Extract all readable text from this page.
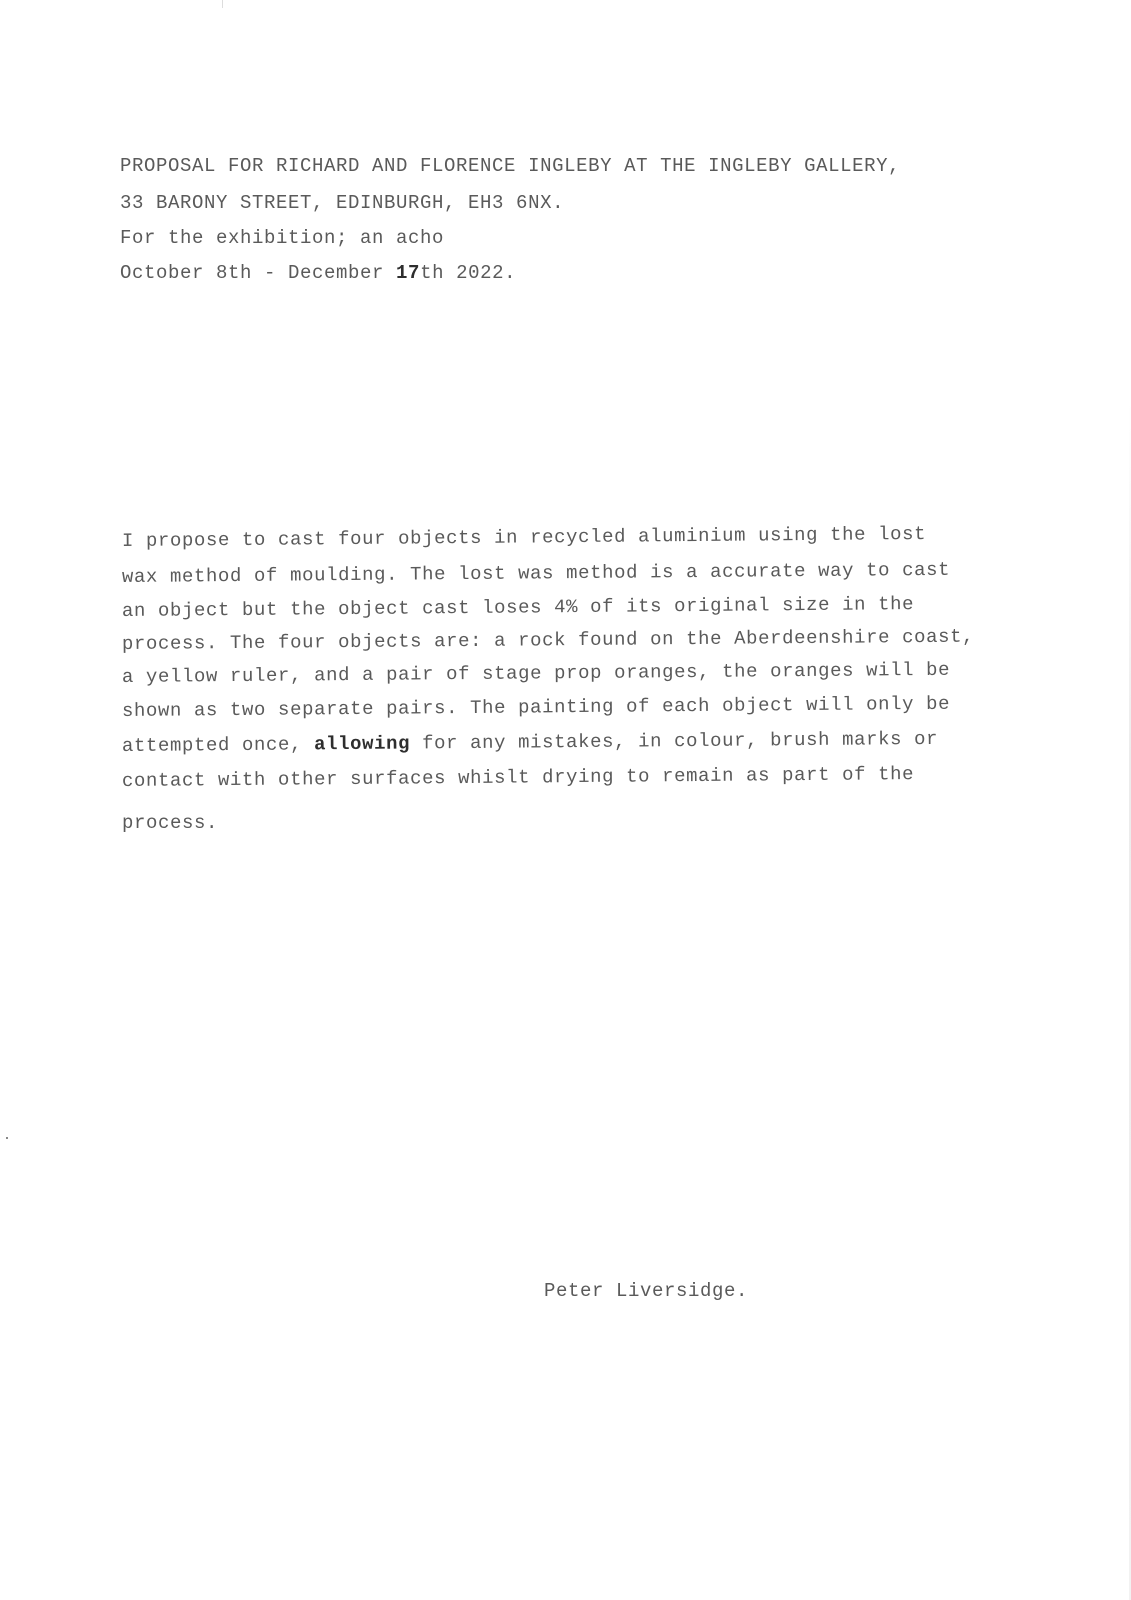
PROPOSAL FOR RICHARD AND FLORENCE INGLEBY AT THE INGLEBY GALLERY,
33 BARONY STREET, EDINBURGH, EH3 6NX.
For the exhibition; an acho
October 8th - December 17th 2022.
I propose to cast four objects in recycled aluminium using the lost
wax method of moulding. The lost was method is a accurate way to cast
an object but the object cast loses 4% of its original size in the
process. The four objects are: a rock found on the Aberdeenshire coast,
a yellow ruler, and a pair of stage prop oranges, the oranges will be
shown as two separate pairs. The painting of each object will only be
attempted once, allowing for any mistakes, in colour, brush marks or
contact with other surfaces whislt drying to remain as part of the
process.
Peter Liversidge.
